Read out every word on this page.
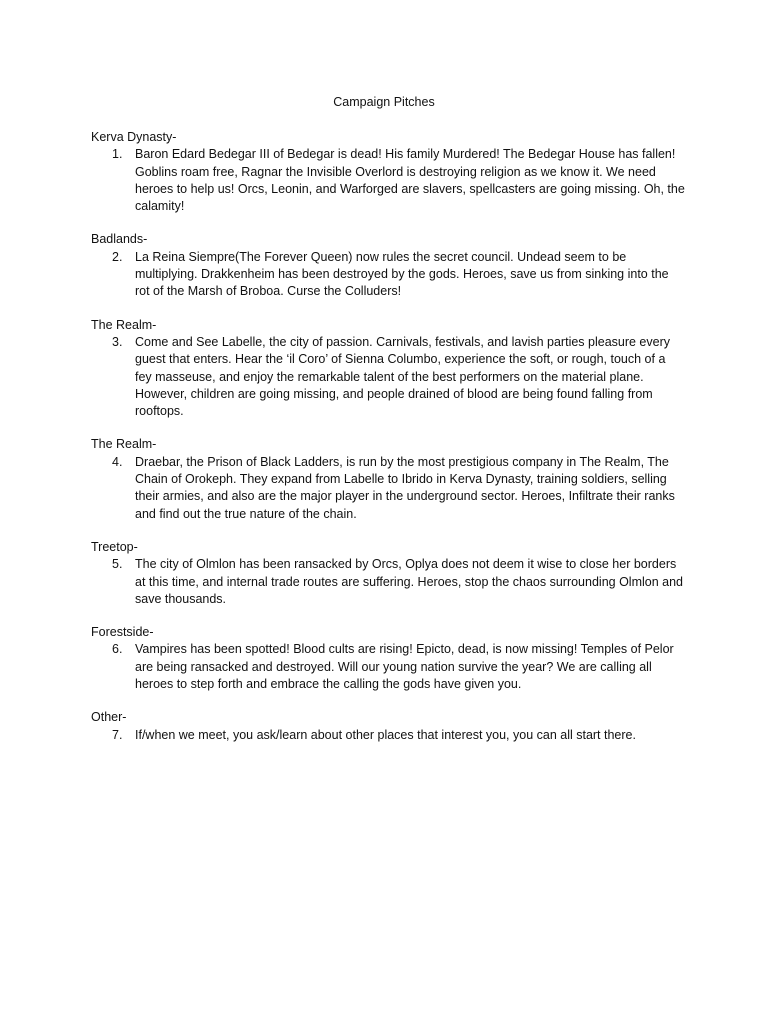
Campaign Pitches
Kerva Dynasty-
1.	Baron Edard Bedegar III of Bedegar is dead! His family Murdered! The Bedegar House has fallen! Goblins roam free, Ragnar the Invisible Overlord is destroying religion as we know it. We need heroes to help us! Orcs, Leonin, and Warforged are slavers, spellcasters are going missing. Oh, the calamity!
Badlands-
2.	La Reina Siempre(The Forever Queen) now rules the secret council. Undead seem to be multiplying. Drakkenheim has been destroyed by the gods. Heroes, save us from sinking into the rot of the Marsh of Broboa. Curse the Colluders!
The Realm-
3.	Come and See Labelle, the city of passion. Carnivals, festivals, and lavish parties pleasure every guest that enters. Hear the ‘il Coro’ of Sienna Columbo, experience the soft, or rough, touch of a fey masseuse, and enjoy the remarkable talent of the best performers on the material plane. However, children are going missing, and people drained of blood are being found falling from rooftops.
The Realm-
4.	Draebar, the Prison of Black Ladders, is run by the most prestigious company in The Realm, The Chain of Orokeph. They expand from Labelle to Ibrido in Kerva Dynasty, training soldiers, selling their armies, and also are the major player in the underground sector. Heroes, Infiltrate their ranks and find out the true nature of the chain.
Treetop-
5.	The city of Olmlon has been ransacked by Orcs, Oplya does not deem it wise to close her borders at this time, and internal trade routes are suffering. Heroes, stop the chaos surrounding Olmlon and save thousands.
Forestside-
6.	Vampires has been spotted! Blood cults are rising! Epicto, dead, is now missing! Temples of Pelor are being ransacked and destroyed. Will our young nation survive the year? We are calling all heroes to step forth and embrace the calling the gods have given you.
Other-
7.	If/when we meet, you ask/learn about other places that interest you, you can all start there.
